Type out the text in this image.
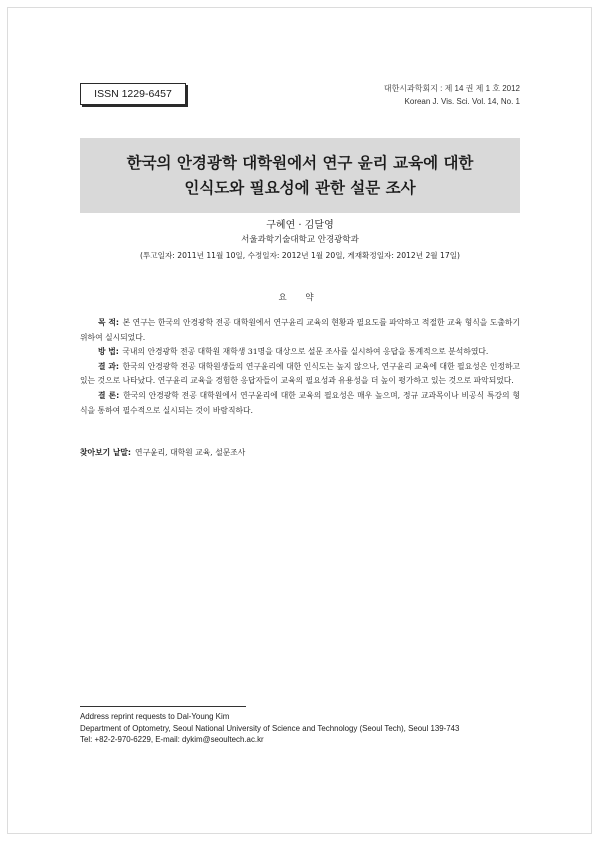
ISSN 1229-6457	대한시과학회지 : 제 14 권 제 1 호 2012
Korean J. Vis. Sci. Vol. 14, No. 1
한국의 안경광학 대학원에서 연구 윤리 교육에 대한
인식도와 필요성에 관한 설문 조사
구혜연 · 김달영
서울과학기술대학교 안경광학과
(투고일자: 2011년 11월 10일, 수정일자: 2012년 1월 20일, 게재확정일자: 2012년 2월 17일)
요 약

목 적: 본 연구는 한국의 안경광학 전공 대학원에서 연구윤리 교육의 현황과 필요도를 파악하고 적절한 교육 형식을 도출하기 위하여 실시되었다.

방 법: 국내의 안경광학 전공 대학원 재학생 31명을 대상으로 설문 조사를 실시하여 응답을 통계적으로 분석하였다.

결 과: 한국의 안경광학 전공 대학원생들의 연구윤리에 대한 인식도는 높지 않으나, 연구윤리 교육에 대한 필요성은 인정하고 있는 것으로 나타났다. 연구윤리 교육을 경험한 응답자들이 교육의 필요성과 유용성을 더 높이 평가하고 있는 것으로 파악되었다.

결 론: 한국의 안경광학 전공 대학원에서 연구윤리에 대한 교육의 필요성은 매우 높으며, 정규 교과목이나 비공식 특강의 형식을 통하여 필수적으로 실시되는 것이 바람직하다.

찾아보기 낱말: 연구윤리, 대학원 교육, 설문조사
Address reprint requests to Dal-Young Kim
Department of Optometry, Seoul National University of Science and Technology (Seoul Tech), Seoul 139-743
Tel: +82-2-970-6229, E-mail: dykim@seoultech.ac.kr
